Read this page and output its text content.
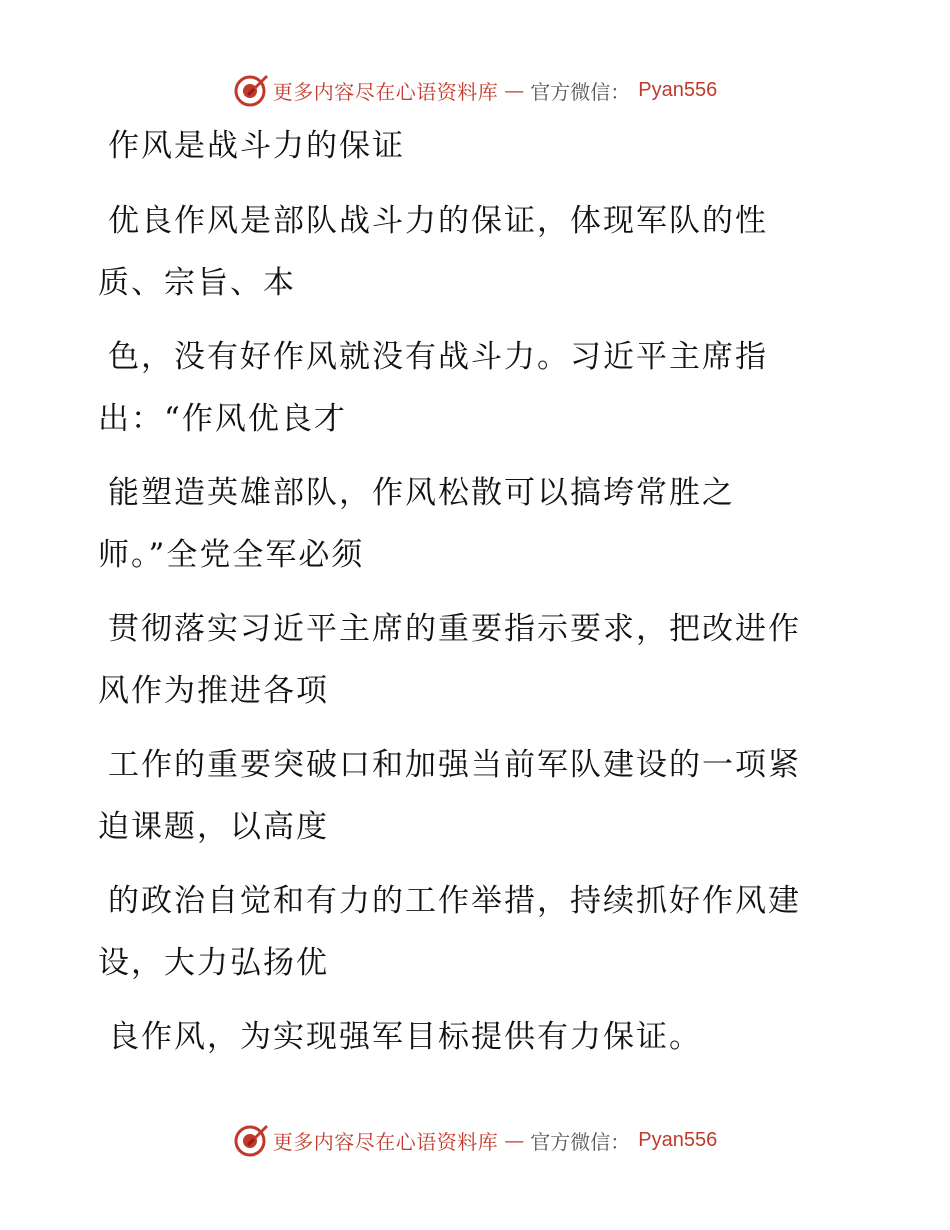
更多内容尽在心语资料库 — 官方微信： Pyan556
作风是战斗力的保证

优良作风是部队战斗力的保证，体现军队的性
质、宗旨、本

色，没有好作风就没有战斗力。习近平主席指
出：“作风优良才

能塑造英雄部队，作风松散可以搞垮常胜之
师。”全党全军必须

贯彻落实习近平主席的重要指示要求，把改进作
风作为推进各项

工作的重要突破口和加强当前军队建设的一项紧
迫课题，以高度

的政治自觉和有力的工作举措，持续抓好作风建
设，大力弘扬优

良作风，为实现强军目标提供有力保证。

更多内容尽在心语资料库 — 官方微信： Pyan556
